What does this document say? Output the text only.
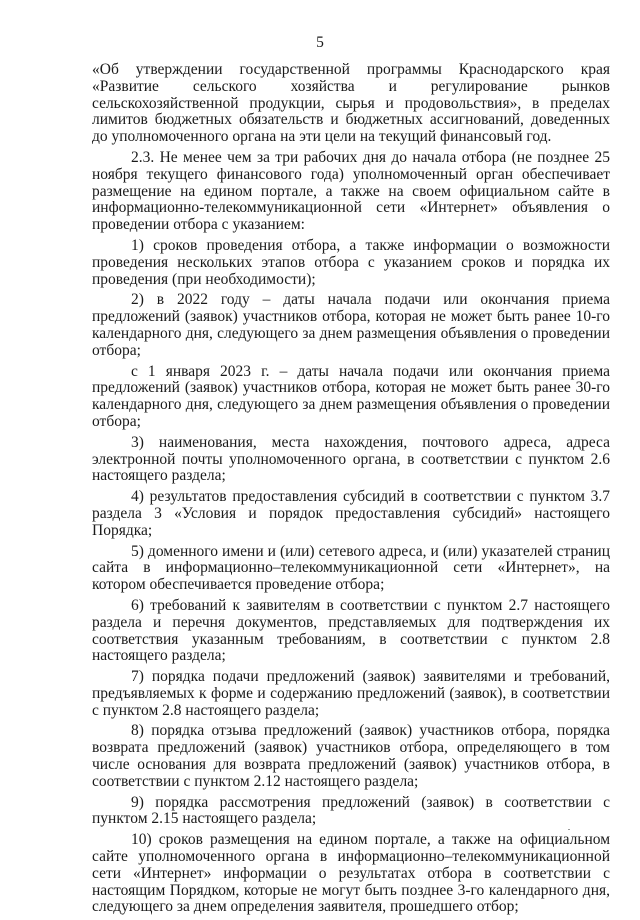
5

«Об утверждении государственной программы Краснодарского края «Развитие сельского хозяйства и регулирование рынков сельскохозяйственной продукции, сырья и продовольствия», в пределах лимитов бюджетных обязательств и бюджетных ассигнований, доведенных до уполномоченного органа на эти цели на текущий финансовый год.

2.3. Не менее чем за три рабочих дня до начала отбора (не позднее 25 ноября текущего финансового года) уполномоченный орган обеспечивает размещение на едином портале, а также на своем официальном сайте в информационно-телекоммуникационной сети «Интернет» объявления о проведении отбора с указанием:

1) сроков проведения отбора, а также информации о возможности проведения нескольких этапов отбора с указанием сроков и порядка их проведения (при необходимости);

2) в 2022 году – даты начала подачи или окончания приема предложений (заявок) участников отбора, которая не может быть ранее 10-го календарного дня, следующего за днем размещения объявления о проведении отбора;

с 1 января 2023 г. – даты начала подачи или окончания приема предложений (заявок) участников отбора, которая не может быть ранее 30-го календарного дня, следующего за днем размещения объявления о проведении отбора;

3) наименования, места нахождения, почтового адреса, адреса электронной почты уполномоченного органа, в соответствии с пунктом 2.6 настоящего раздела;

4) результатов предоставления субсидий в соответствии с пунктом 3.7 раздела 3 «Условия и порядок предоставления субсидий» настоящего Порядка;

5) доменного имени и (или) сетевого адреса, и (или) указателей страниц сайта в информационно–телекоммуникационной сети «Интернет», на котором обеспечивается проведение отбора;

6) требований к заявителям в соответствии с пунктом 2.7 настоящего раздела и перечня документов, представляемых для подтверждения их соответствия указанным требованиям, в соответствии с пунктом 2.8 настоящего раздела;

7) порядка подачи предложений (заявок) заявителями и требований, предъявляемых к форме и содержанию предложений (заявок), в соответствии с пунктом 2.8 настоящего раздела;

8) порядка отзыва предложений (заявок) участников отбора, порядка возврата предложений (заявок) участников отбора, определяющего в том числе основания для возврата предложений (заявок) участников отбора, в соответствии с пунктом 2.12 настоящего раздела;

9) порядка рассмотрения предложений (заявок) в соответствии с пунктом 2.15 настоящего раздела;

10) сроков размещения на едином портале, а также на официальном сайте уполномоченного органа в информационно–телекоммуникационной сети «Интернет» информации о результатах отбора в соответствии с настоящим Порядком, которые не могут быть позднее 3-го календарного дня, следующего за днем определения заявителя, прошедшего отбор;
